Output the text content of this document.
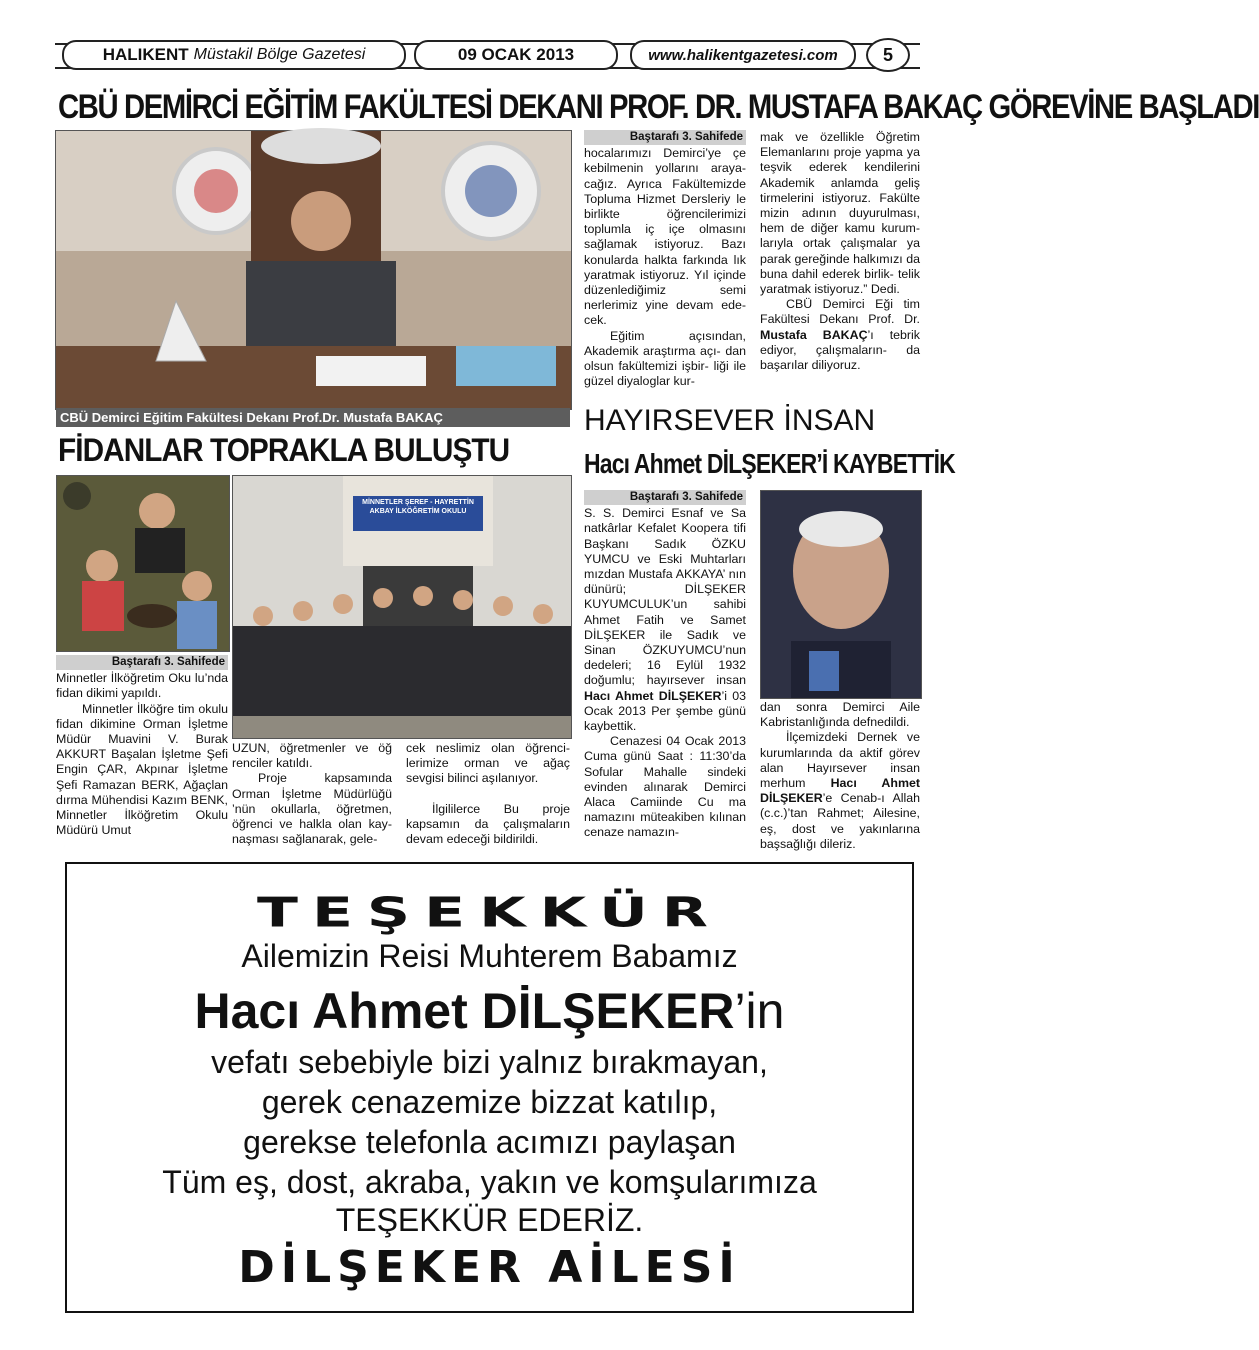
HALIKENT Müstakil Bölge Gazetesi	09 OCAK 2013	www.halikentgazetesi.com	5
CBÜ DEMİRCİ EĞİTİM FAKÜLTESİ DEKANI PROF. DR. MUSTAFA BAKAÇ GÖREVİNE BAŞLADI
CBÜ Demirci Eğitim Fakültesi Dekanı Prof.Dr. Mustafa BAKAÇ
Baştarafı 3. Sahifede

hocalarımızı Demirci’ye çe kebilmenin yollarını araya- cağız. Ayrıca Fakültemizde Topluma Hizmet Dersleriy le birlikte öğrencilerimizi toplumla iç içe olmasını sağlamak istiyoruz. Bazı konularda halkta farkında lık yaratmak istiyoruz. Yıl içinde düzenlediğimiz semi nerlerimiz yine devam ede- cek.

Eğitim açısından, Akademik araştırma açı- dan olsun fakültemizi işbir- liği ile güzel diyaloglar kur-

mak ve özellikle Öğretim Elemanlarını proje yapma ya teşvik ederek kendilerini Akademik anlamda geliş tirmelerini istiyoruz. Fakülte mizin adının duyurulması, hem de diğer kamu kurum- larıyla ortak çalışmalar ya parak gereğinde halkımızı da buna dahil ederek birlik- telik yaratmak istiyoruz.” Dedi.

CBÜ Demirci Eği tim Fakültesi Dekanı Prof. Dr. Mustafa BAKAÇ’ı tebrik ediyor, çalışmaların- da başarılar diliyoruz.

FİDANLAR TOPRAKLA BULUŞTU
Baştarafı 3. Sahifede

Minnetler İlköğretim Oku lu’nda fidan dikimi yapıldı.

Minnetler İlköğre tim okulu fidan dikimine Orman İşletme Müdür Muavini V. Burak AKKURT Başalan İşletme Şefi Engin ÇAR, Akpınar İşletme Şefi Ramazan BERK, Ağaçlan dırma Mühendisi Kazım BENK, Minnetler İlköğretim Okulu Müdürü Umut

MİNNETLER ŞEREF - HAYRETTİN AKBAY İLKÖĞRETİM OKULU

UZUN, öğretmenler ve öğ renciler katıldı.

Proje kapsamında Orman İşletme Müdürlüğü ’nün okullarla, öğretmen, öğrenci ve halkla olan kay- naşması sağlanarak, gele-

cek neslimiz olan öğrenci- lerimize orman ve ağaç sevgisi bilinci aşılanıyor.

İlgililerce Bu proje kapsamın da çalışmaların devam edeceği bildirildi.

HAYIRSEVER İNSAN
Hacı Ahmet DİLŞEKER’İ KAYBETTİK
Baştarafı 3. Sahifede

S. S. Demirci Esnaf ve Sa natkârlar Kefalet Koopera tifi Başkanı Sadık ÖZKU YUMCU ve Eski Muhtarları mızdan Mustafa AKKAYA’ nın dünürü; DİLŞEKER KUYUMCULUK’un sahibi Ahmet Fatih ve Samet DİLŞEKER ile Sadık ve Sinan ÖZKUYUMCU’nun dedeleri; 16 Eylül 1932 doğumlu; hayırsever insan Hacı Ahmet DİLŞEKER’i 03 Ocak 2013 Per şembe günü kaybettik.

Cenazesi 04 Ocak 2013 Cuma günü Saat : 11:30’da Sofular Mahalle sindeki evinden alınarak Demirci Alaca Camiinde Cu ma namazını müteakiben kılınan cenaze namazın-

dan sonra Demirci Aile Kabristanlığında defnedildi.

İlçemizdeki Dernek ve kurumlarında da aktif görev alan Hayırsever insan merhum Hacı Ahmet DİLŞEKER’e Cenab-ı Allah (c.c.)’tan Rahmet; Ailesine, eş, dost ve yakınlarına başsağlığı dileriz.

TEŞEKKÜR
Ailemizin Reisi Muhterem Babamız
Hacı Ahmet DİLŞEKER’in
vefatı sebebiyle bizi yalnız bırakmayan,
gerek cenazemize bizzat katılıp,
gerekse telefonla acımızı paylaşan
Tüm eş, dost, akraba, yakın ve komşularımıza
TEŞEKKÜR EDERİZ.
DİLŞEKER AİLESİ
